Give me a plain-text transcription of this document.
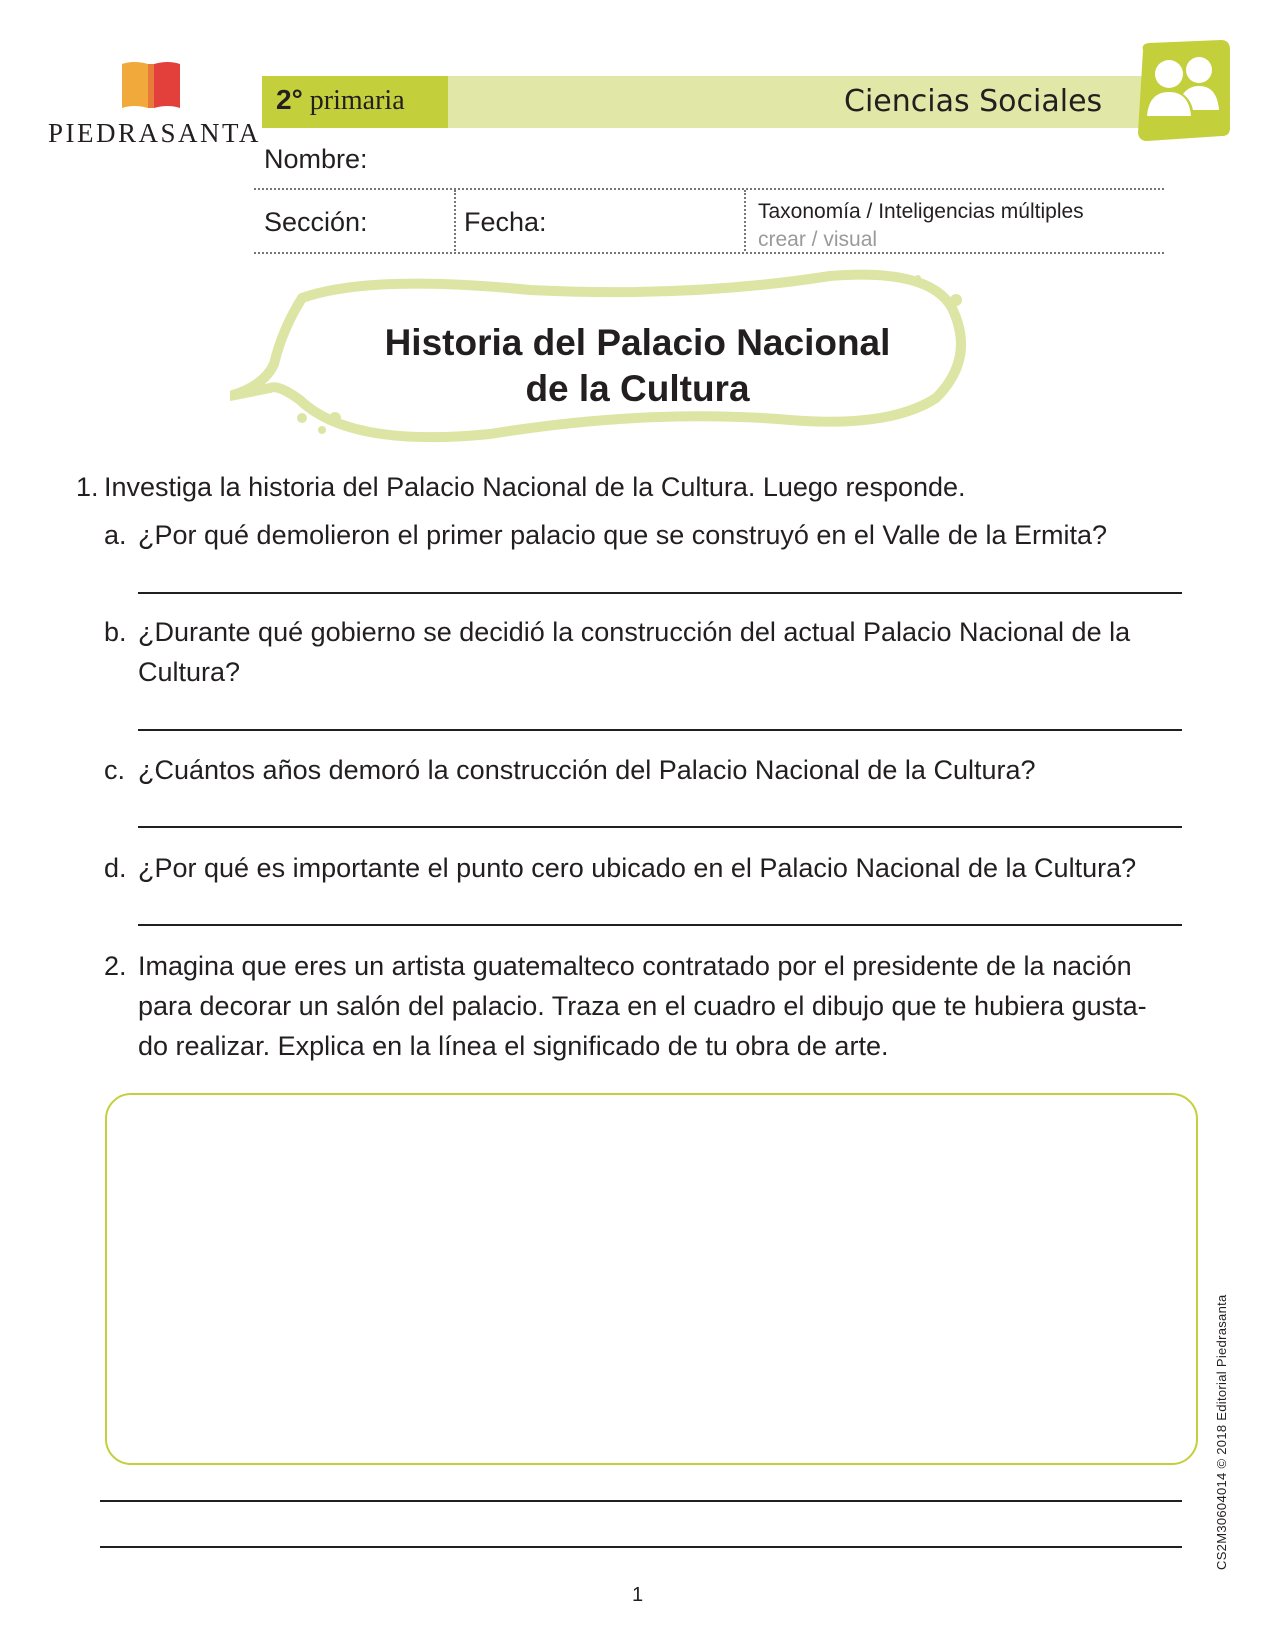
PIEDRASANTA
2° primaria	Ciencias Sociales
Nombre:
Sección:	Fecha:	Taxonomía / Inteligencias múltiples
crear / visual
Historia del Palacio Nacional
de la Cultura
1. Investiga la historia del Palacio Nacional de la Cultura. Luego responde.
a. ¿Por qué demolieron el primer palacio que se construyó en el Valle de la Ermita?
b. ¿Durante qué gobierno se decidió la construcción del actual Palacio Nacional de la
Cultura?
c. ¿Cuántos años demoró la construcción del Palacio Nacional de la Cultura?
d. ¿Por qué es importante el punto cero ubicado en el Palacio Nacional de la Cultura?
2. Imagina que eres un artista guatemalteco contratado por el presidente de la nación
para decorar un salón del palacio. Traza en el cuadro el dibujo que te hubiera gusta-
do realizar. Explica en la línea el significado de tu obra de arte.
1
CS2M30604014 © 2018 Editorial Piedrasanta
